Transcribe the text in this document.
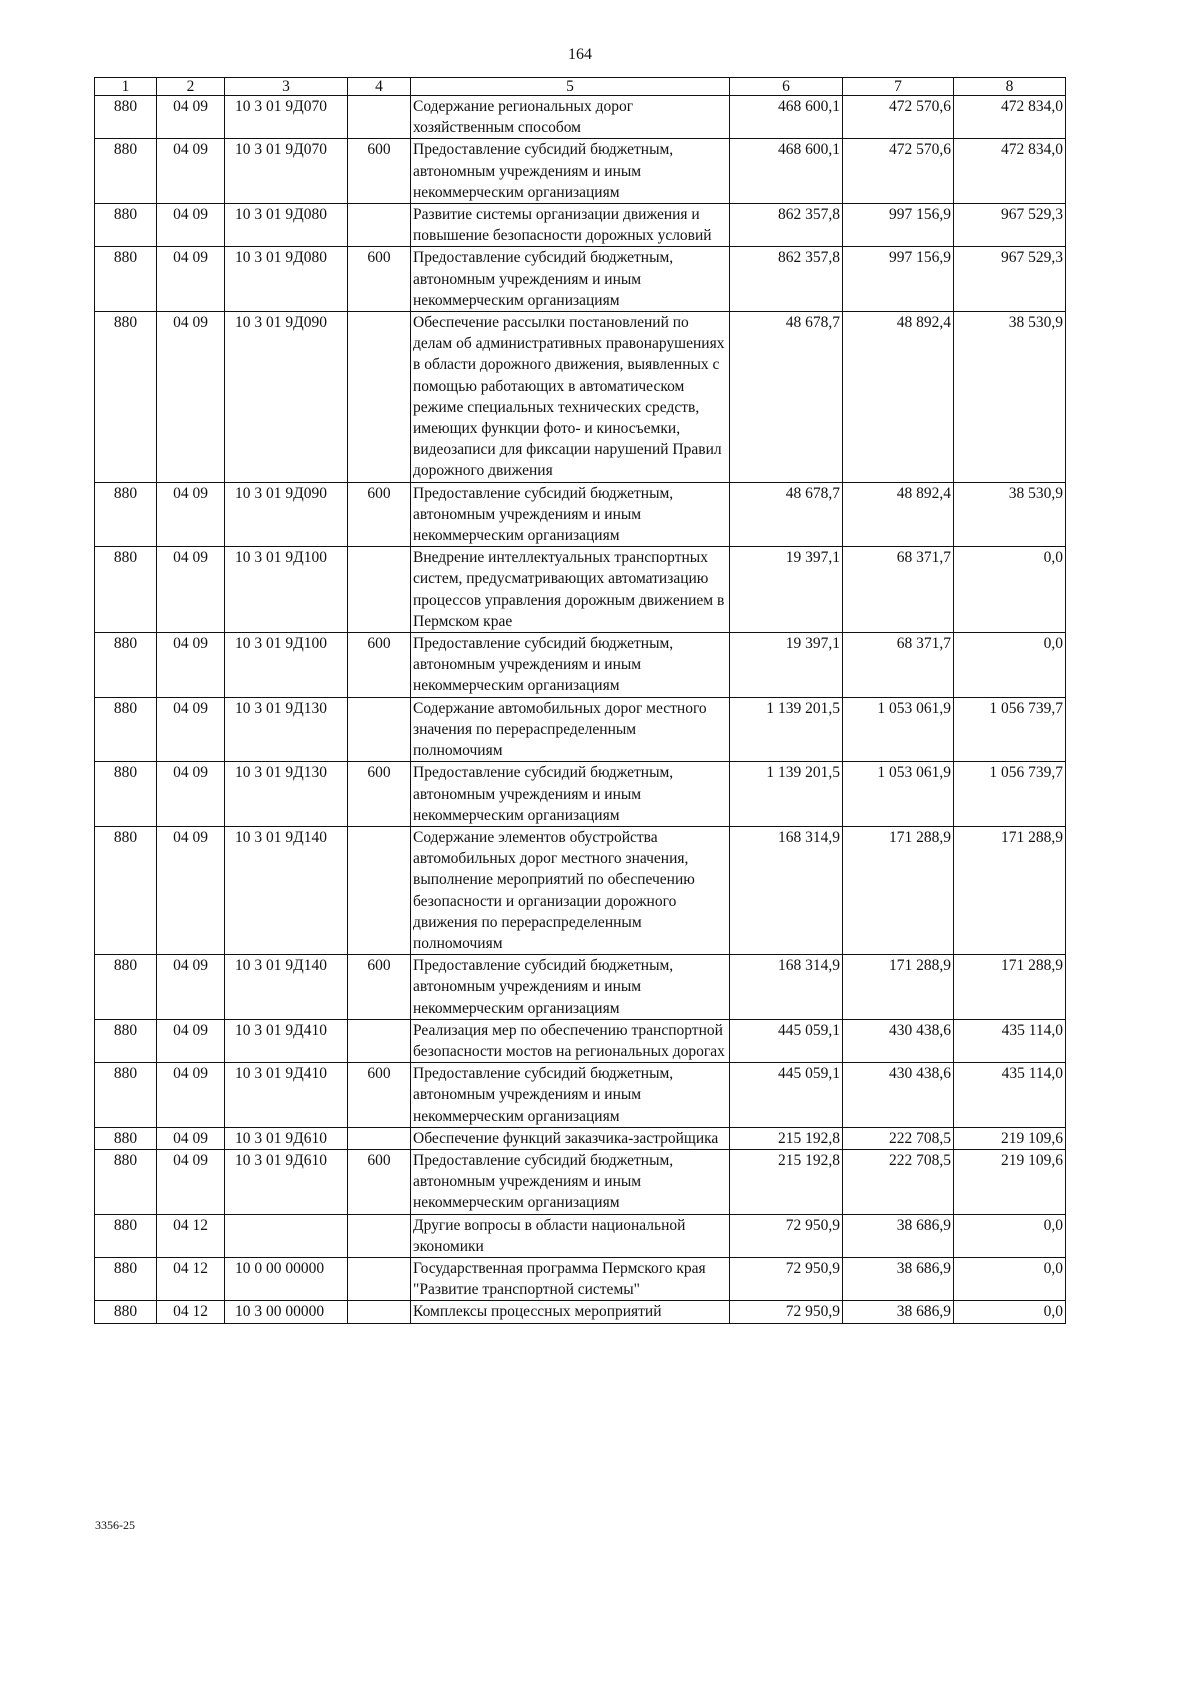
164
1	2	3	4	5	6	7	8
880	04 09	10 3 01 9Д070		Содержание региональных дорог хозяйственным способом	468 600,1	472 570,6	472 834,0
880	04 09	10 3 01 9Д070	600	Предоставление субсидий бюджетным, автономным учреждениям и иным некоммерческим организациям	468 600,1	472 570,6	472 834,0
880	04 09	10 3 01 9Д080		Развитие системы организации движения и повышение безопасности дорожных условий	862 357,8	997 156,9	967 529,3
880	04 09	10 3 01 9Д080	600	Предоставление субсидий бюджетным, автономным учреждениям и иным некоммерческим организациям	862 357,8	997 156,9	967 529,3
880	04 09	10 3 01 9Д090		Обеспечение рассылки постановлений по делам об административных правонарушениях в области дорожного движения, выявленных с помощью работающих в автоматическом режиме специальных технических средств, имеющих функции фото- и киносъемки, видеозаписи для фиксации нарушений Правил дорожного движения	48 678,7	48 892,4	38 530,9
880	04 09	10 3 01 9Д090	600	Предоставление субсидий бюджетным, автономным учреждениям и иным некоммерческим организациям	48 678,7	48 892,4	38 530,9
880	04 09	10 3 01 9Д100		Внедрение интеллектуальных транспортных систем, предусматривающих автоматизацию процессов управления дорожным движением в Пермском крае	19 397,1	68 371,7	0,0
880	04 09	10 3 01 9Д100	600	Предоставление субсидий бюджетным, автономным учреждениям и иным некоммерческим организациям	19 397,1	68 371,7	0,0
880	04 09	10 3 01 9Д130		Содержание автомобильных дорог местного значения по перераспределенным полномочиям	1 139 201,5	1 053 061,9	1 056 739,7
880	04 09	10 3 01 9Д130	600	Предоставление субсидий бюджетным, автономным учреждениям и иным некоммерческим организациям	1 139 201,5	1 053 061,9	1 056 739,7
880	04 09	10 3 01 9Д140		Содержание элементов обустройства автомобильных дорог местного значения, выполнение мероприятий по обеспечению безопасности и организации дорожного движения по перераспределенным полномочиям	168 314,9	171 288,9	171 288,9
880	04 09	10 3 01 9Д140	600	Предоставление субсидий бюджетным, автономным учреждениям и иным некоммерческим организациям	168 314,9	171 288,9	171 288,9
880	04 09	10 3 01 9Д410		Реализация мер по обеспечению транспортной безопасности мостов на региональных дорогах	445 059,1	430 438,6	435 114,0
880	04 09	10 3 01 9Д410	600	Предоставление субсидий бюджетным, автономным учреждениям и иным некоммерческим организациям	445 059,1	430 438,6	435 114,0
880	04 09	10 3 01 9Д610		Обеспечение функций заказчика-застройщика	215 192,8	222 708,5	219 109,6
880	04 09	10 3 01 9Д610	600	Предоставление субсидий бюджетным, автономным учреждениям и иным некоммерческим организациям	215 192,8	222 708,5	219 109,6
880	04 12			Другие вопросы в области национальной экономики	72 950,9	38 686,9	0,0
880	04 12	10 0 00 00000		Государственная программа Пермского края "Развитие транспортной системы"	72 950,9	38 686,9	0,0
880	04 12	10 3 00 00000		Комплексы процессных мероприятий	72 950,9	38 686,9	0,0
3356-25
